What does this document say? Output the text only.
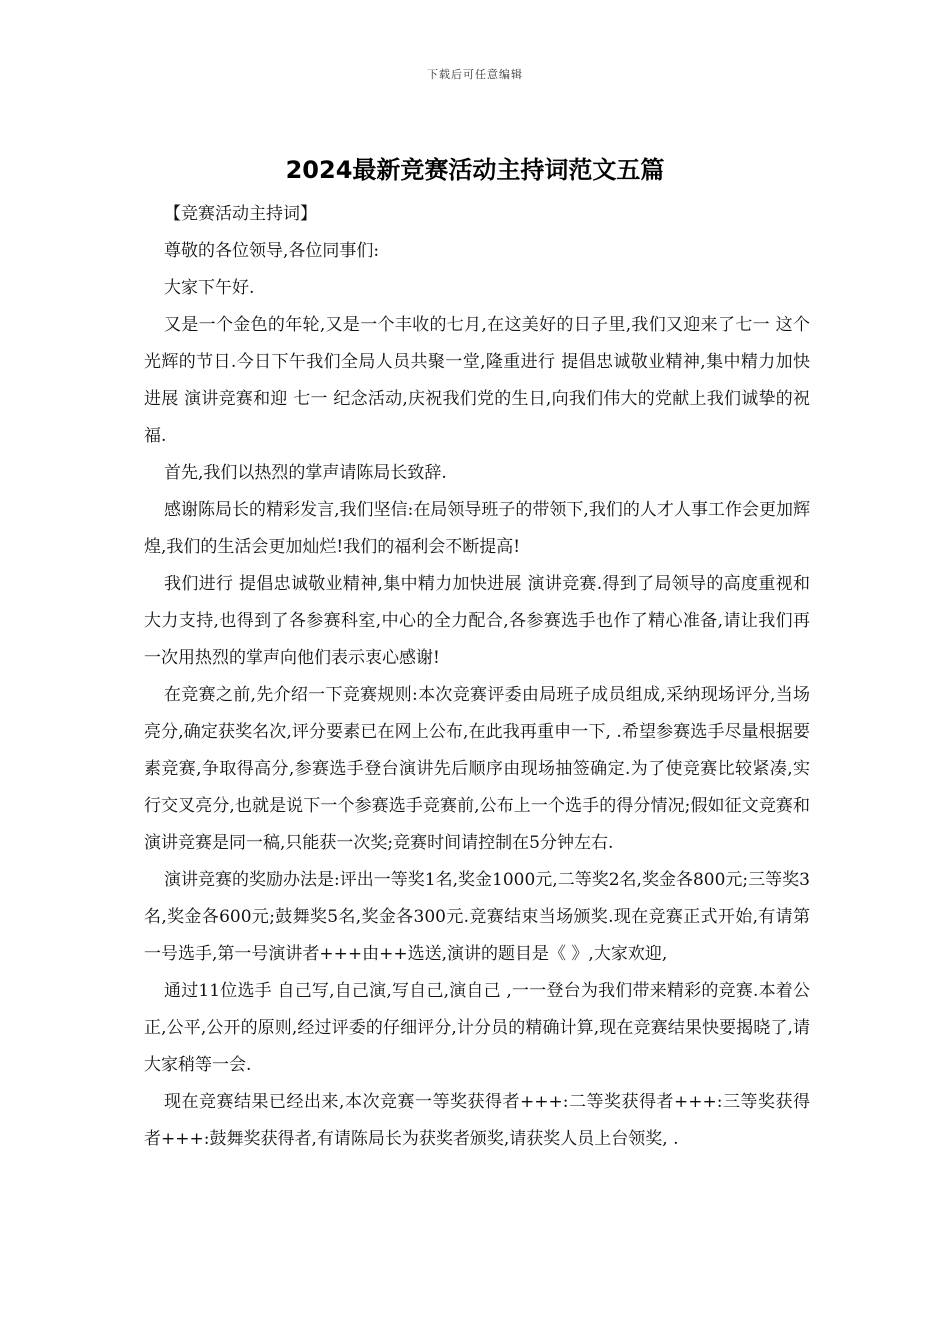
下载后可任意编辑
2024最新竞赛活动主持词范文五篇

【竞赛活动主持词】

尊敬的各位领导,各位同事们:

大家下午好.

又是一个金色的年轮,又是一个丰收的七月,在这美好的日子里,我们又迎来了七一 这个光辉的节日.今日下午我们全局人员共聚一堂,隆重进行 提倡忠诚敬业精神,集中精力加快进展 演讲竞赛和迎 七一 纪念活动,庆祝我们党的生日,向我们伟大的党献上我们诚挚的祝福.

首先,我们以热烈的掌声请陈局长致辞.

感谢陈局长的精彩发言,我们坚信:在局领导班子的带领下,我们的人才人事工作会更加辉煌,我们的生活会更加灿烂!我们的福利会不断提高!

我们进行 提倡忠诚敬业精神,集中精力加快进展 演讲竞赛.得到了局领导的高度重视和大力支持,也得到了各参赛科室,中心的全力配合,各参赛选手也作了精心准备,请让我们再一次用热烈的掌声向他们表示衷心感谢!

在竞赛之前,先介绍一下竞赛规则:本次竞赛评委由局班子成员组成,采纳现场评分,当场亮分,确定获奖名次,评分要素已在网上公布,在此我再重申一下, .希望参赛选手尽量根据要素竞赛,争取得高分,参赛选手登台演讲先后顺序由现场抽签确定.为了使竞赛比较紧凑,实行交叉亮分,也就是说下一个参赛选手竞赛前,公布上一个选手的得分情况;假如征文竞赛和演讲竞赛是同一稿,只能获一次奖;竞赛时间请控制在5分钟左右.

演讲竞赛的奖励办法是:评出一等奖1名,奖金1000元,二等奖2名,奖金各800元;三等奖3名,奖金各600元;鼓舞奖5名,奖金各300元.竞赛结束当场颁奖.现在竞赛正式开始,有请第一号选手,第一号演讲者+++由++选送,演讲的题目是《 》,大家欢迎,

通过11位选手 自己写,自己演,写自己,演自己 ,一一登台为我们带来精彩的竞赛.本着公正,公平,公开的原则,经过评委的仔细评分,计分员的精确计算,现在竞赛结果快要揭晓了,请大家稍等一会.

现在竞赛结果已经出来,本次竞赛一等奖获得者+++:二等奖获得者+++:三等奖获得者+++:鼓舞奖获得者,有请陈局长为获奖者颁奖,请获奖人员上台领奖, .
